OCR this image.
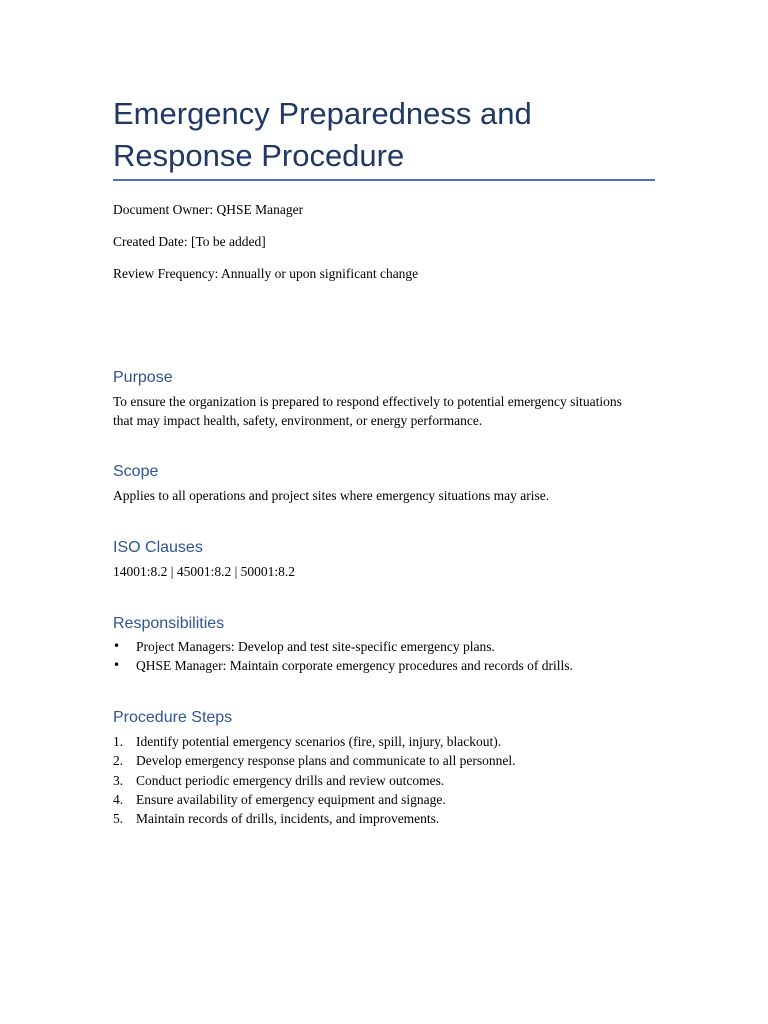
Emergency Preparedness and Response Procedure

Document Owner: QHSE Manager

Created Date: [To be added]

Review Frequency: Annually or upon significant change

Purpose

To ensure the organization is prepared to respond effectively to potential emergency situations that may impact health, safety, environment, or energy performance.

Scope

Applies to all operations and project sites where emergency situations may arise.

ISO Clauses

14001:8.2 | 45001:8.2 | 50001:8.2

Responsibilities
• Project Managers: Develop and test site-specific emergency plans.
• QHSE Manager: Maintain corporate emergency procedures and records of drills.
Procedure Steps
1. Identify potential emergency scenarios (fire, spill, injury, blackout).
2. Develop emergency response plans and communicate to all personnel.
3. Conduct periodic emergency drills and review outcomes.
4. Ensure availability of emergency equipment and signage.
5. Maintain records of drills, incidents, and improvements.
